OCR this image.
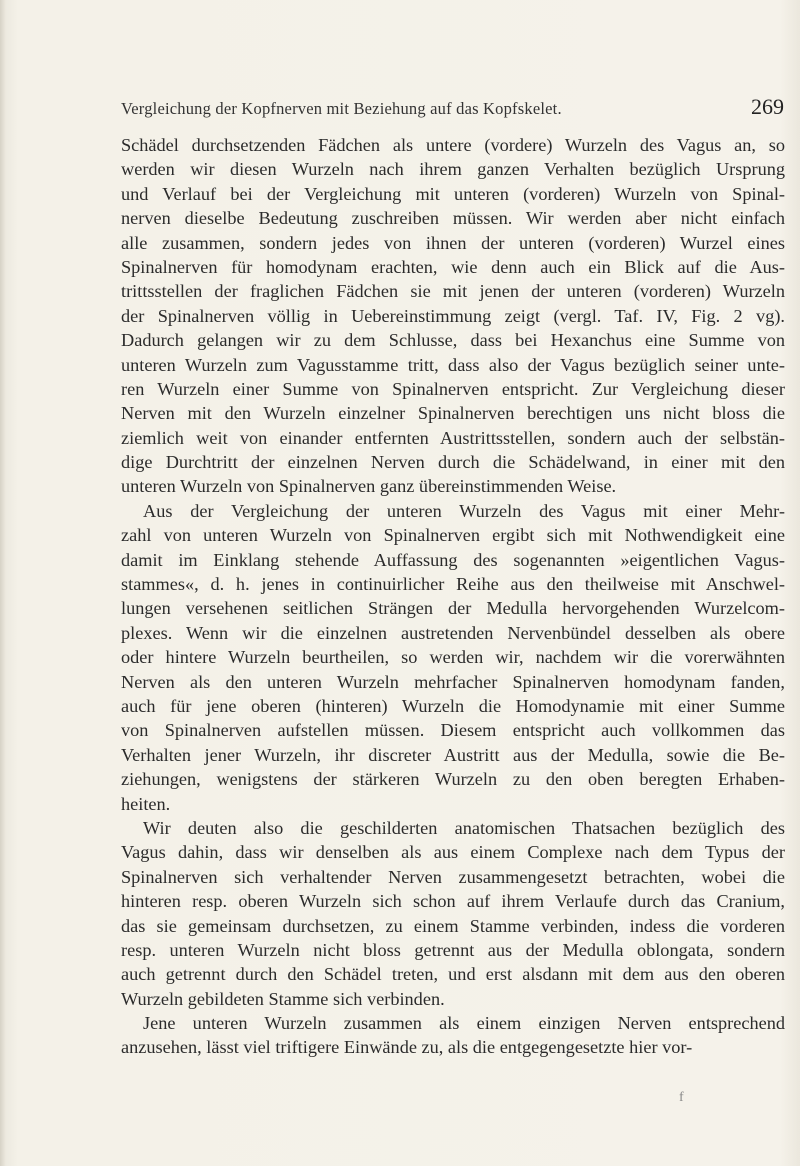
Vergleichung der Kopfnerven mit Beziehung auf das Kopfskelet.	269
Schädel durchsetzenden Fädchen als untere (vordere) Wurzeln des Vagus an, so
werden wir diesen Wurzeln nach ihrem ganzen Verhalten bezüglich Ursprung
und Verlauf bei der Vergleichung mit unteren (vorderen) Wurzeln von Spinal-
nerven dieselbe Bedeutung zuschreiben müssen. Wir werden aber nicht einfach
alle zusammen, sondern jedes von ihnen der unteren (vorderen) Wurzel eines
Spinalnerven für homodynam erachten, wie denn auch ein Blick auf die Aus-
trittsstellen der fraglichen Fädchen sie mit jenen der unteren (vorderen) Wurzeln
der Spinalnerven völlig in Uebereinstimmung zeigt (vergl. Taf. IV, Fig. 2 vg).
Dadurch gelangen wir zu dem Schlusse, dass bei Hexanchus eine Summe von
unteren Wurzeln zum Vagusstamme tritt, dass also der Vagus bezüglich seiner unte-
ren Wurzeln einer Summe von Spinalnerven entspricht. Zur Vergleichung dieser
Nerven mit den Wurzeln einzelner Spinalnerven berechtigen uns nicht bloss die
ziemlich weit von einander entfernten Austrittsstellen, sondern auch der selbstän-
dige Durchtritt der einzelnen Nerven durch die Schädelwand, in einer mit den
unteren Wurzeln von Spinalnerven ganz übereinstimmenden Weise.
Aus der Vergleichung der unteren Wurzeln des Vagus mit einer Mehr-
zahl von unteren Wurzeln von Spinalnerven ergibt sich mit Nothwendigkeit eine
damit im Einklang stehende Auffassung des sogenannten »eigentlichen Vagus-
stammes«, d. h. jenes in continuirlicher Reihe aus den theilweise mit Anschwel-
lungen versehenen seitlichen Strängen der Medulla hervorgehenden Wurzelcom-
plexes. Wenn wir die einzelnen austretenden Nervenbündel desselben als obere
oder hintere Wurzeln beurtheilen, so werden wir, nachdem wir die vorerwähnten
Nerven als den unteren Wurzeln mehrfacher Spinalnerven homodynam fanden,
auch für jene oberen (hinteren) Wurzeln die Homodynamie mit einer Summe
von Spinalnerven aufstellen müssen. Diesem entspricht auch vollkommen das
Verhalten jener Wurzeln, ihr discreter Austritt aus der Medulla, sowie die Be-
ziehungen, wenigstens der stärkeren Wurzeln zu den oben beregten Erhaben-
heiten.
Wir deuten also die geschilderten anatomischen Thatsachen bezüglich des
Vagus dahin, dass wir denselben als aus einem Complexe nach dem Typus der
Spinalnerven sich verhaltender Nerven zusammengesetzt betrachten, wobei die
hinteren resp. oberen Wurzeln sich schon auf ihrem Verlaufe durch das Cranium,
das sie gemeinsam durchsetzen, zu einem Stamme verbinden, indess die vorderen
resp. unteren Wurzeln nicht bloss getrennt aus der Medulla oblongata, sondern
auch getrennt durch den Schädel treten, und erst alsdann mit dem aus den oberen
Wurzeln gebildeten Stamme sich verbinden.
Jene unteren Wurzeln zusammen als einem einzigen Nerven entsprechend
anzusehen, lässt viel triftigere Einwände zu, als die entgegengesetzte hier vor-
f
